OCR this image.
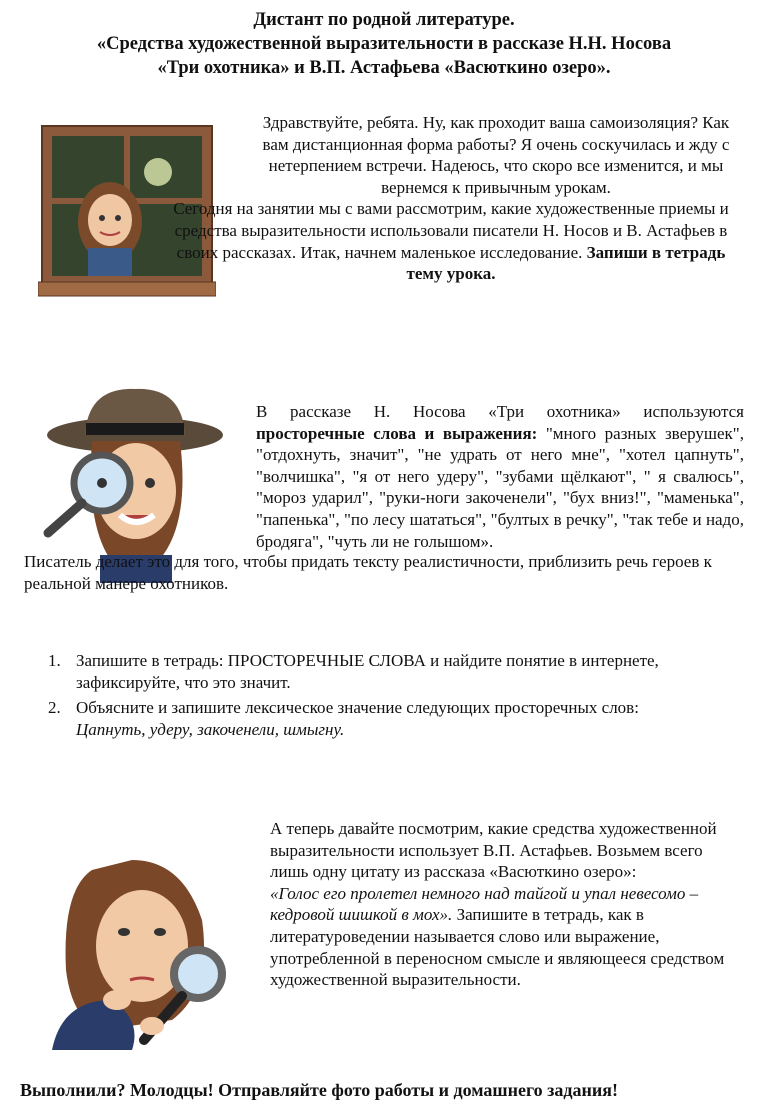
Дистант по родной литературе.
«Средства художественной выразительности в рассказе Н.Н. Носова
«Три охотника» и В.П. Астафьева «Васюткино озеро».

Здравствуйте, ребята. Ну, как проходит ваша самоизоляция? Как вам дистанционная форма работы? Я очень соскучилась и жду с нетерпением встречи. Надеюсь, что скоро все изменится, и мы вернемся к привычным урокам.

Сегодня на занятии мы с вами рассмотрим, какие художественные приемы и средства выразительности использовали писатели Н. Носов и В. Астафьев в своих рассказах. Итак, начнем маленькое исследование. Запиши в тетрадь тему урока.

В рассказе Н. Носова «Три охотника» используются просторечные слова и выражения: "много разных зверушек", "отдохнуть, значит", "не удрать от него мне", "хотел цапнуть", "волчишка", "я от него удеру", "зубами щёлкают", " я свалюсь", "мороз ударил", "руки-ноги закоченели", "бух вниз!", "маменька", "папенька", "по лесу шататься", "бултых в речку", "так тебе и надо, бродяга", "чуть ли не голышом».

Писатель делает это для того, чтобы придать тексту реалистичности, приблизить речь героев к реальной манере охотников.

1. Запишите в тетрадь: ПРОСТОРЕЧНЫЕ СЛОВА и найдите понятие в интернете, зафиксируйте, что это значит.
2. Объясните и запишите лексическое значение следующих просторечных слов:
Цапнуть, удеру, закоченели, шмыгну.

А теперь давайте посмотрим, какие средства художественной выразительности использует В.П. Астафьев. Возьмем всего лишь одну цитату из рассказа «Васюткино озеро»:
«Голос его пролетел немного над тайгой и упал невесомо – кедровой шишкой в мох». Запишите в тетрадь, как в литературоведении называется слово или выражение, употребленной в переносном смысле и являющееся средством художественной выразительности.

Выполнили? Молодцы! Отправляйте фото работы и домашнего задания!
